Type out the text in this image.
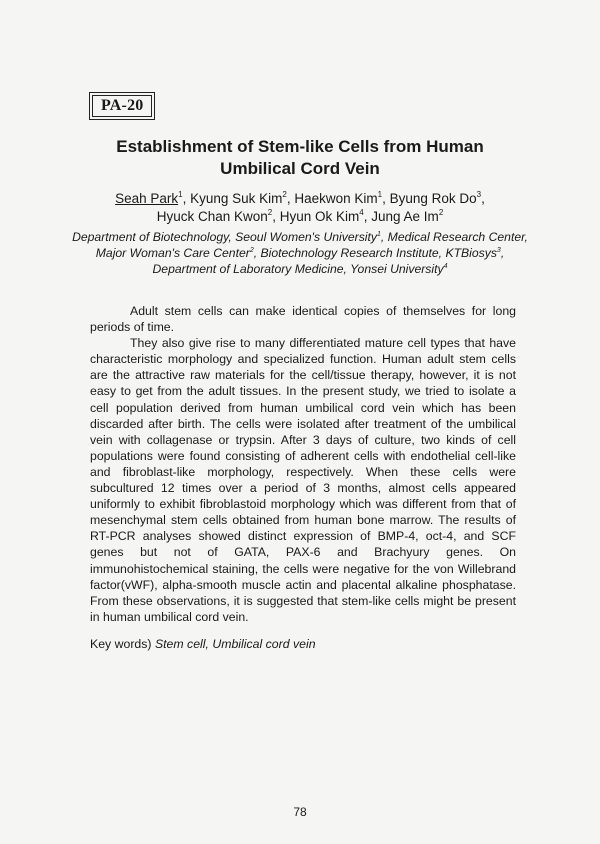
PA-20
Establishment of Stem-like Cells from Human
Umbilical Cord Vein
Seah Park$^1$, Kyung Suk Kim$^2$, Haekwon Kim$^1$, Byung Rok Do$^3$,
Hyuck Chan Kwon$^2$, Hyun Ok Kim$^4$, Jung Ae Im$^2$
Department of Biotechnology, Seoul Women's University$^1$, Medical Research Center, Major Woman's Care Center$^2$, Biotechnology Research Institute, KTBiosys$^3$, Department of Laboratory Medicine, Yonsei University$^4$

Adult stem cells can make identical copies of themselves for long periods of time.

They also give rise to many differentiated mature cell types that have characteristic morphology and specialized function. Human adult stem cells are the attractive raw materials for the cell/tissue therapy, however, it is not easy to get from the adult tissues. In the present study, we tried to isolate a cell population derived from human umbilical cord vein which has been discarded after birth. The cells were isolated after treatment of the umbilical vein with collagenase or trypsin. After 3 days of culture, two kinds of cell populations were found consisting of adherent cells with endothelial cell-like and fibroblast-like morphology, respectively. When these cells were subcultured 12 times over a period of 3 months, almost cells appeared uniformly to exhibit fibroblastoid morphology which was different from that of mesenchymal stem cells obtained from human bone marrow. The results of RT-PCR analyses showed distinct expression of BMP-4, oct-4, and SCF genes but not of GATA, PAX-6 and Brachyury genes. On immunohistochemical staining, the cells were negative for the von Willebrand factor(vWF), alpha-smooth muscle actin and placental alkaline phosphatase. From these observations, it is suggested that stem-like cells might be present in human umbilical cord vein.

Key words) Stem cell, Umbilical cord vein
78
